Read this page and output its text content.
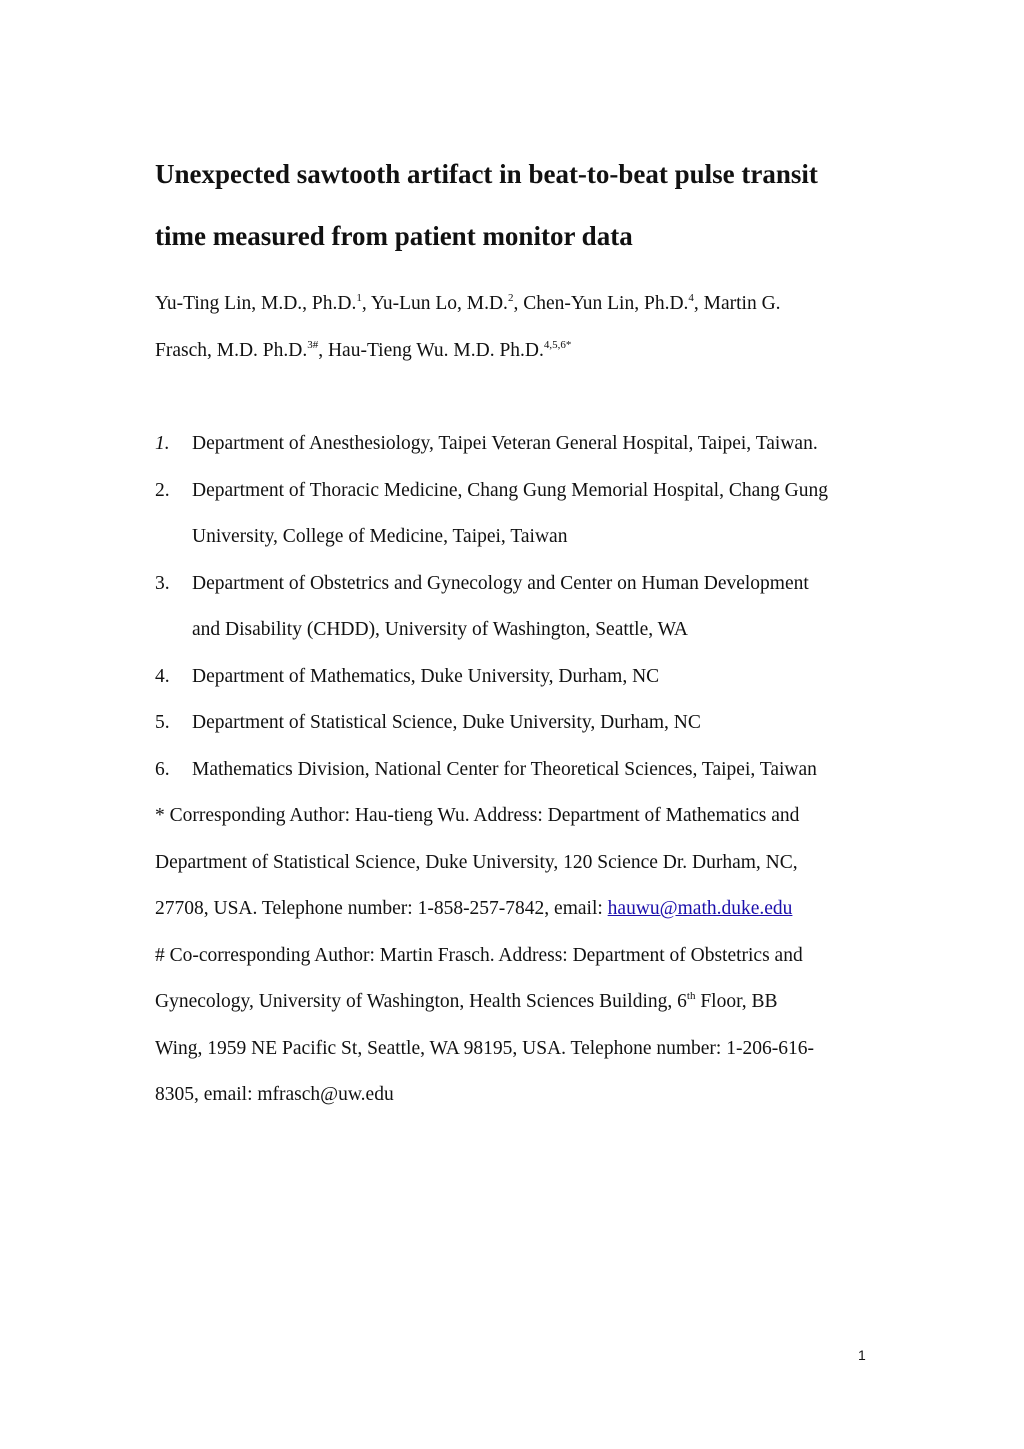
Unexpected sawtooth artifact in beat-to-beat pulse transit
time measured from patient monitor data
Yu-Ting Lin, M.D., Ph.D.$^1$, Yu-Lun Lo, M.D.$^2$, Chen-Yun Lin, Ph.D.$^4$, Martin G.
Frasch, M.D. Ph.D.$^{3\#}$, Hau-Tieng Wu. M.D. Ph.D.$^{4,5,6*}$
1. Department of Anesthesiology, Taipei Veteran General Hospital, Taipei, Taiwan.
2. Department of Thoracic Medicine, Chang Gung Memorial Hospital, Chang Gung
University, College of Medicine, Taipei, Taiwan
3. Department of Obstetrics and Gynecology and Center on Human Development
and Disability (CHDD), University of Washington, Seattle, WA
4. Department of Mathematics, Duke University, Durham, NC
5. Department of Statistical Science, Duke University, Durham, NC
6. Mathematics Division, National Center for Theoretical Sciences, Taipei, Taiwan
* Corresponding Author: Hau-tieng Wu. Address: Department of Mathematics and
Department of Statistical Science, Duke University, 120 Science Dr. Durham, NC,
27708, USA. Telephone number: 1-858-257-7842, email: hauwu@math.duke.edu
# Co-corresponding Author: Martin Frasch. Address: Department of Obstetrics and
Gynecology, University of Washington, Health Sciences Building, 6th Floor, BB
Wing, 1959 NE Pacific St, Seattle, WA 98195, USA. Telephone number: 1-206-616-
8305, email: mfrasch@uw.edu
1
